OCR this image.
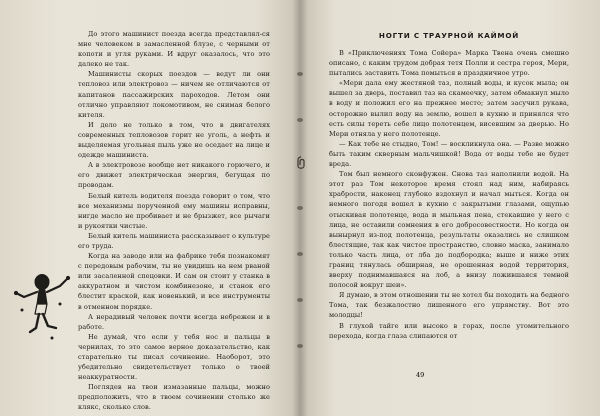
До этого машинист поезда всегда представлял-ся мне человеком в замасленной блузе, с черными от копоти и угля руками. И вдруг оказалось, что это далеко не так.

Машинисты скорых поездов — ведут ли они тепловоз или электровоз — ничем не отличаются от капитанов пассажирских пароходов. Летом они отлично управляют локомотивом, не снимая белого кителя.

И дело не только в том, что в двигателях современных тепловозов горит не уголь, а нефть и выделяемая угольная пыль уже не оседает на лице и одежде машиниста.

А в электровозе вообще нет никакого горючего, и его движет электрическая энергия, бегущая по проводам.

Белый китель водителя поезда говорит о том, что все механизмы порученной ему машины исправны, нигде масло не пробивает и не брызжет, все рычаги и рукоятки чистые.

Белый китель машиниста рассказывает о культуре его труда.

Когда на заводе или на фабрике тебя познакомят с передовым рабочим, ты не увидишь на нем рваной или засаленной спецовки. И сам он стоит у станка в аккуратном и чистом комбинезоне, и станок его блестит краской, как новенький, и все инструменты в отменном порядке.

А нерадивый человек почти всегда небрежен и в работе.

Не думай, что если у тебя нос и пальцы в чернилах, то это самое верное доказательство, как старательно ты писал сочинение. Наоборот, это убедительно свидетельствует только о твоей неаккуратности.

Поглядев на твои измазанные пальцы, можно предположить, что в твоем сочинении столько же клякс, сколько слов.

НОГТИ С ТРАУРНОЙ КАЙМОЙ

В «Приключениях Тома Сойера» Марка Твена очень смешно описано, с каким трудом добрая тетя Полли и сестра героя, Мери, пытались заставить Тома помыться в праздничное утро.

«Мери дала ему жестяной таз, полный воды, и кусок мыла; он вышел за дверь, поставил таз на скамеечку, затем обмакнул мыло в воду и положил его на прежнее место; затем засучил рукава, осторожно вылил воду на землю, вошел в кухню и принялся что есть силы тереть себе лицо полотенцем, висевшим за дверью. Но Мери отняла у него полотенце.

— Как тебе не стыдно, Том! — воскликнула она. — Разве можно быть таким скверным мальчишкой! Вода от воды тебе не будет вреда.

Том был немного сконфужен. Снова таз наполнили водой. На этот раз Том некоторое время стоял над ним, набираясь храбрости, наконец глубоко вздохнул и начал мыться. Когда он немного погодя вошел в кухню с закрытыми глазами, ощупью отыскивая полотенце, вода и мыльная пена, стекавшие у него с лица, не оставили сомнения в его добросовестности. Но когда он вынырнул из-под полотенца, результаты оказались не слишком блестящие, так как чистое пространство, словно маска, занимало только часть лица, от лба до подбородка; выше и ниже этих границ тянулась обширная, не орошенная водой территория, вверху поднимавшаяся на лоб, а внизу ложившаяся темной полосой вокруг шеи».

Я думаю, в этом отношении ты не хотел бы походить на бедного Тома, так безжалостно лишенного его упрямству. Вот это молодцы!

В глухой тайге или высоко в горах, после утомительного перехода, когда глаза слипаются от

49
